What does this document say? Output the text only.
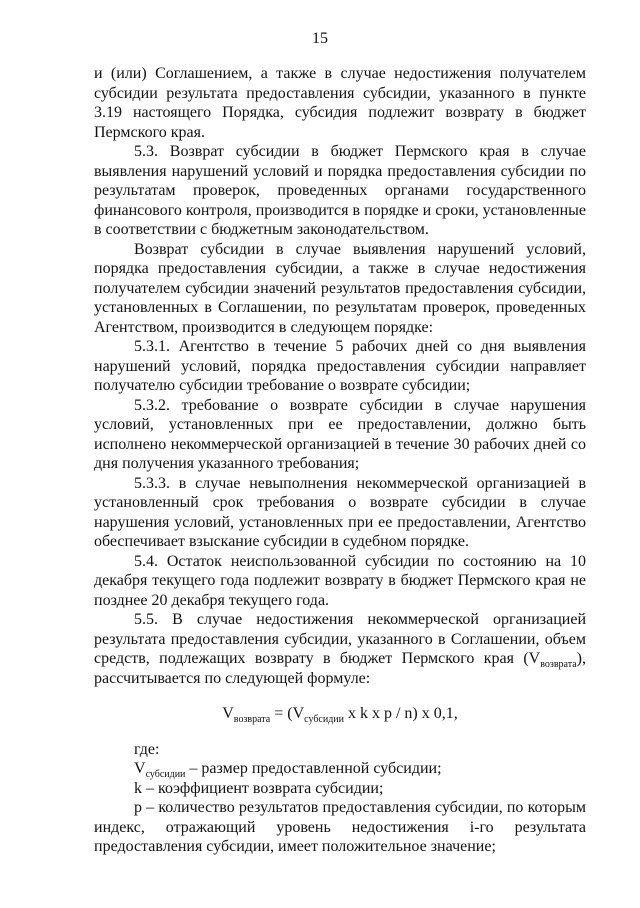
15

и (или) Соглашением, а также в случае недостижения получателем субсидии результата предоставления субсидии, указанного в пункте 3.19 настоящего Порядка, субсидия подлежит возврату в бюджет Пермского края.

5.3. Возврат субсидии в бюджет Пермского края в случае выявления нарушений условий и порядка предоставления субсидии по результатам проверок, проведенных органами государственного финансового контроля, производится в порядке и сроки, установленные в соответствии с бюджетным законодательством.

Возврат субсидии в случае выявления нарушений условий, порядка предоставления субсидии, а также в случае недостижения получателем субсидии значений результатов предоставления субсидии, установленных в Соглашении, по результатам проверок, проведенных Агентством, производится в следующем порядке:

5.3.1. Агентство в течение 5 рабочих дней со дня выявления нарушений условий, порядка предоставления субсидии направляет получателю субсидии требование о возврате субсидии;

5.3.2. требование о возврате субсидии в случае нарушения условий, установленных при ее предоставлении, должно быть исполнено некоммерческой организацией в течение 30 рабочих дней со дня получения указанного требования;

5.3.3. в случае невыполнения некоммерческой организацией в установленный срок требования о возврате субсидии в случае нарушения условий, установленных при ее предоставлении, Агентство обеспечивает взыскание субсидии в судебном порядке.

5.4. Остаток неиспользованной субсидии по состоянию на 10 декабря текущего года подлежит возврату в бюджет Пермского края не позднее 20 декабря текущего года.

5.5. В случае недостижения некоммерческой организацией результата предоставления субсидии, указанного в Соглашении, объем средств, подлежащих возврату в бюджет Пермского края $(V_{возврата})$, рассчитывается по следующей формуле:

$V_{возврата} = (V_{субсидии}$ x k x p / n) x 0,1,

где:

$V_{субсидии}$ – размер предоставленной субсидии;

k – коэффициент возврата субсидии;

p – количество результатов предоставления субсидии, по которым индекс, отражающий уровень недостижения i-го результата предоставления субсидии, имеет положительное значение;
